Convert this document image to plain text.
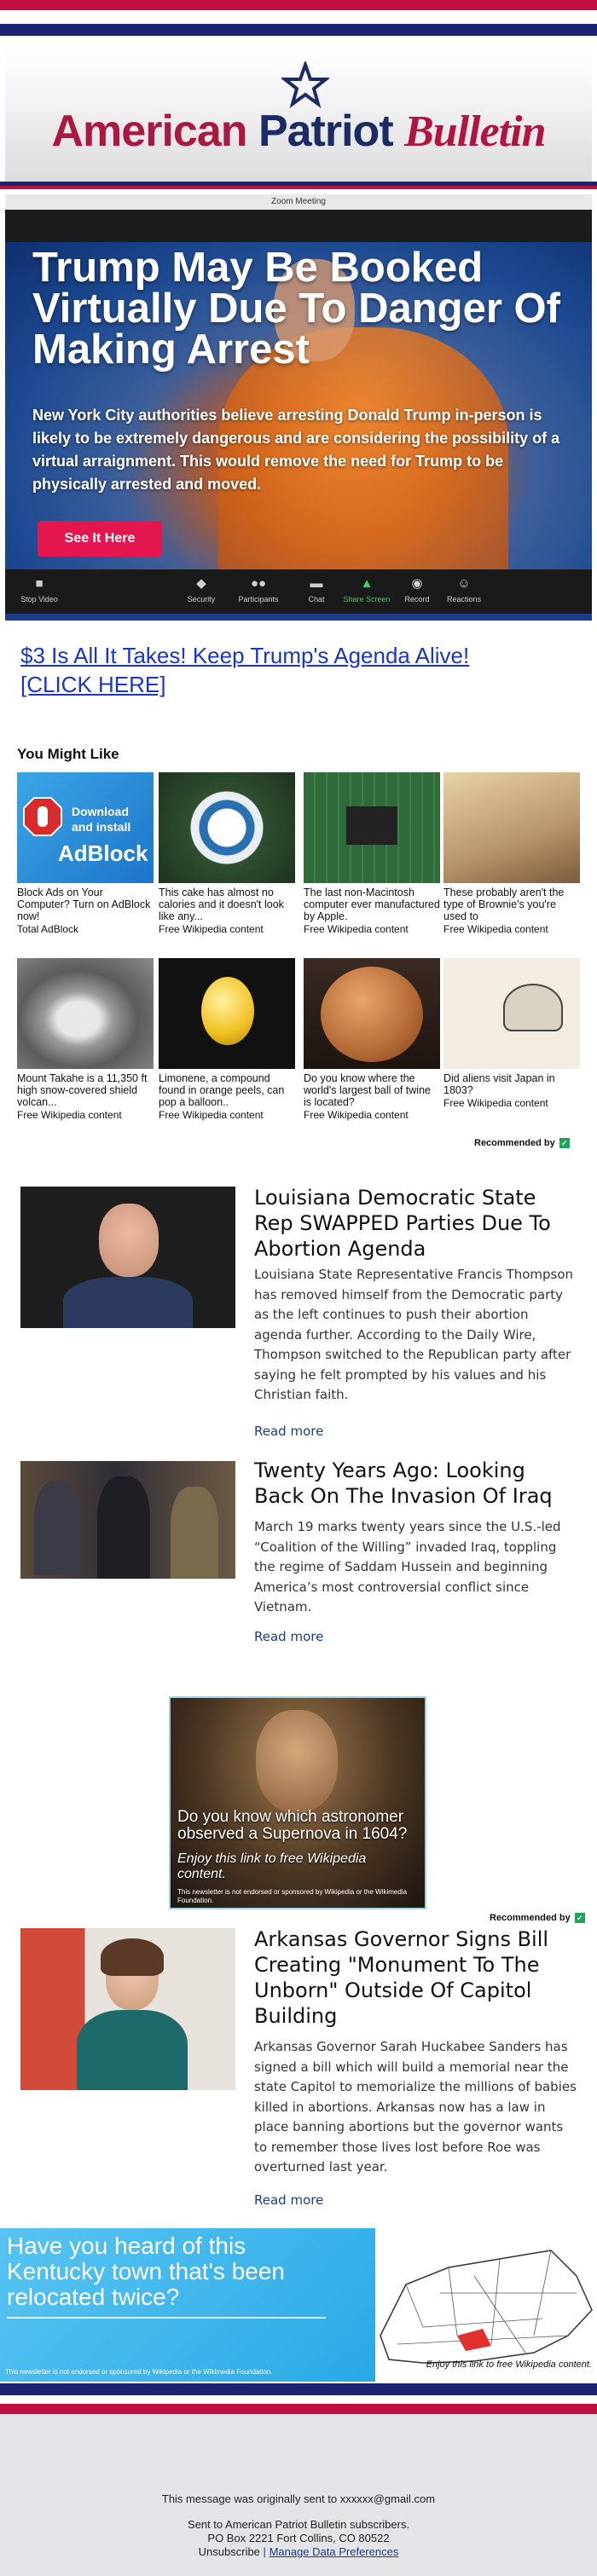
American Patriot Bulletin
Zoom Meeting
Trump May Be Booked Virtually Due To Danger Of Making Arrest
New York City authorities believe arresting Donald Trump in-person is likely to be extremely dangerous and are considering the possibility of a virtual arraignment. This would remove the need for Trump to be physically arrested and moved.
See It Here
■
Stop Video
◆
Security
●●
Participants
▬
Chat
▲
Share Screen
◉
Record
☺
Reactions
$3 Is All It Takes! Keep Trump's Agenda Alive!
[CLICK HERE]
You Might Like
Download
and install
AdBlock
Block Ads on Your Computer? Turn on AdBlock now!
Total AdBlock
This cake has almost no calories and it doesn't look like any...
Free Wikipedia content
The last non-Macintosh computer ever manufactured by Apple.
Free Wikipedia content
These probably aren't the type of Brownie's you're used to
Free Wikipedia content
Mount Takahe is a 11,350 ft high snow-covered shield volcan...
Free Wikipedia content
Limonene, a compound found in orange peels, can pop a balloon..
Free Wikipedia content
Do you know where the world's largest ball of twine is located?
Free Wikipedia content
Did aliens visit Japan in 1803?
Free Wikipedia content
Recommended by ✓
Louisiana Democratic State Rep SWAPPED Parties Due To Abortion Agenda
Louisiana State Representative Francis Thompson has removed himself from the Democratic party as the left continues to push their abortion agenda further. According to the Daily Wire, Thompson switched to the Republican party after saying he felt prompted by his values and his Christian faith.
Read more
Twenty Years Ago: Looking Back On The Invasion Of Iraq
March 19 marks twenty years since the U.S.-led “Coalition of the Willing” invaded Iraq, toppling the regime of Saddam Hussein and beginning America’s most controversial conflict since Vietnam.
Read more
Do you know which astronomer observed a Supernova in 1604?
Enjoy this link to free Wikipedia content.
This newsletter is not endorsed or sponsored by Wikipedia or the Wikimedia Foundation.
Recommended by ✓
Arkansas Governor Signs Bill Creating "Monument To The Unborn" Outside Of Capitol Building
Arkansas Governor Sarah Huckabee Sanders has signed a bill which will build a memorial near the state Capitol to memorialize the millions of babies killed in abortions. Arkansas now has a law in place banning abortions but the governor wants to remember those lives lost before Roe was overturned last year.
Read more
Have you heard of this Kentucky town that's been relocated twice?
This newsletter is not endorsed or sponsored by Wikipedia or the Wikimedia Foundation.
Enjoy this link to free Wikipedia content.
This message was originally sent to xxxxxx@gmail.com
Sent to American Patriot Bulletin subscribers.
PO Box 2221 Fort Collins, CO 80522
Unsubscribe | Manage Data Preferences
